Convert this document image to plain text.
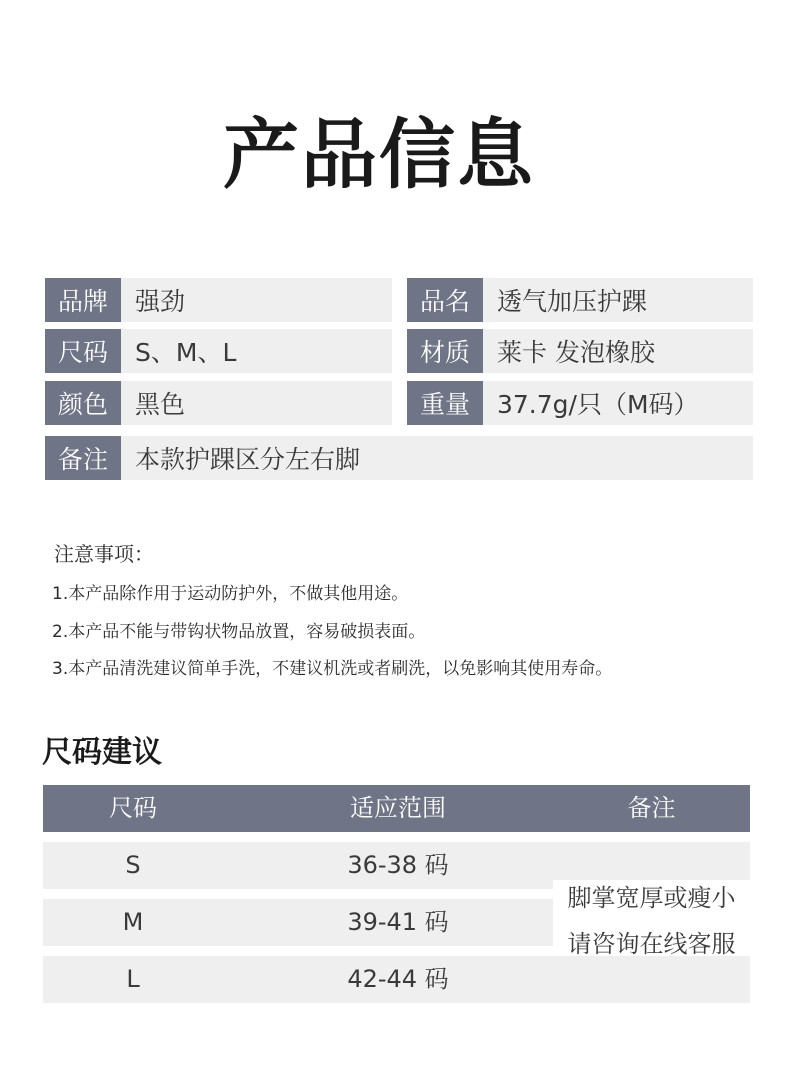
产品信息
品牌	强劲	品名	透气加压护踝
尺码	S、M、L	材质	莱卡 发泡橡胶
颜色	黑色	重量	37.7g/只（M码）
备注	本款护踝区分左右脚
注意事项：
1.本产品除作用于运动防护外，不做其他用途。
2.本产品不能与带钩状物品放置，容易破损表面。
3.本产品清洗建议简单手洗，不建议机洗或者刷洗，以免影响其使用寿命。
尺码建议
尺码	适应范围	备注
S	36-38 码
M	39-41 码
L	42-44 码
脚掌宽厚或瘦小
请咨询在线客服
